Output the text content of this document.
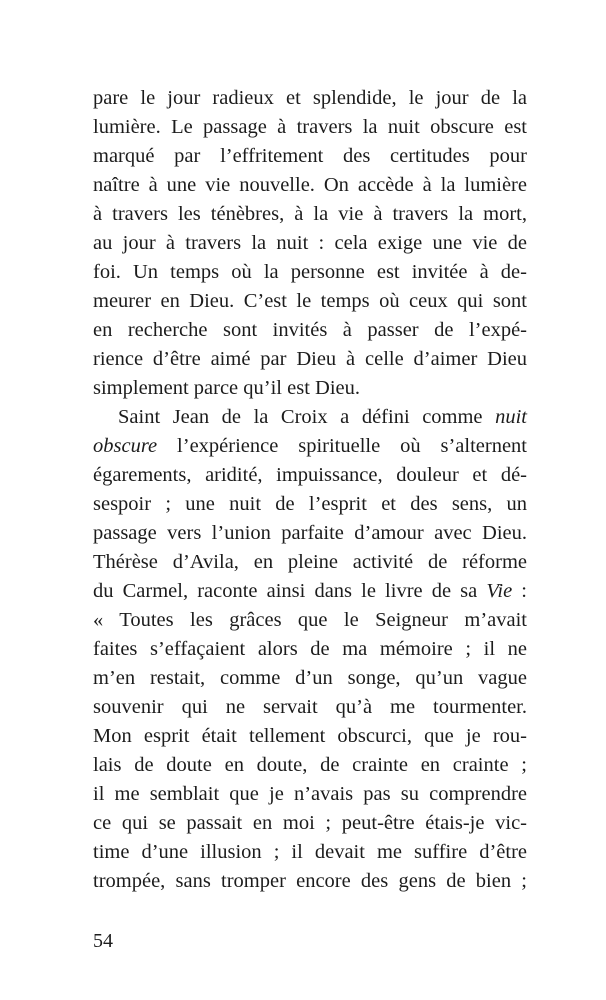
pare le jour radieux et splendide, le jour de la
lumière. Le passage à travers la nuit obscure est
marqué par l’effritement des certitudes pour
naître à une vie nouvelle. On accède à la lumière
à travers les ténèbres, à la vie à travers la mort,
au jour à travers la nuit : cela exige une vie de
foi. Un temps où la personne est invitée à de-
meurer en Dieu. C’est le temps où ceux qui sont
en recherche sont invités à passer de l’expé-
rience d’être aimé par Dieu à celle d’aimer Dieu
simplement parce qu’il est Dieu.
Saint Jean de la Croix a défini comme nuit
obscure l’expérience spirituelle où s’alternent
égarements, aridité, impuissance, douleur et dé-
sespoir ; une nuit de l’esprit et des sens, un
passage vers l’union parfaite d’amour avec Dieu.
Thérèse d’Avila, en pleine activité de réforme
du Carmel, raconte ainsi dans le livre de sa Vie :
« Toutes les grâces que le Seigneur m’avait
faites s’effaçaient alors de ma mémoire ; il ne
m’en restait, comme d’un songe, qu’un vague
souvenir qui ne servait qu’à me tourmenter.
Mon esprit était tellement obscurci, que je rou-
lais de doute en doute, de crainte en crainte ;
il me semblait que je n’avais pas su comprendre
ce qui se passait en moi ; peut-être étais-je vic-
time d’une illusion ; il devait me suffire d’être
trompée, sans tromper encore des gens de bien ;
54
